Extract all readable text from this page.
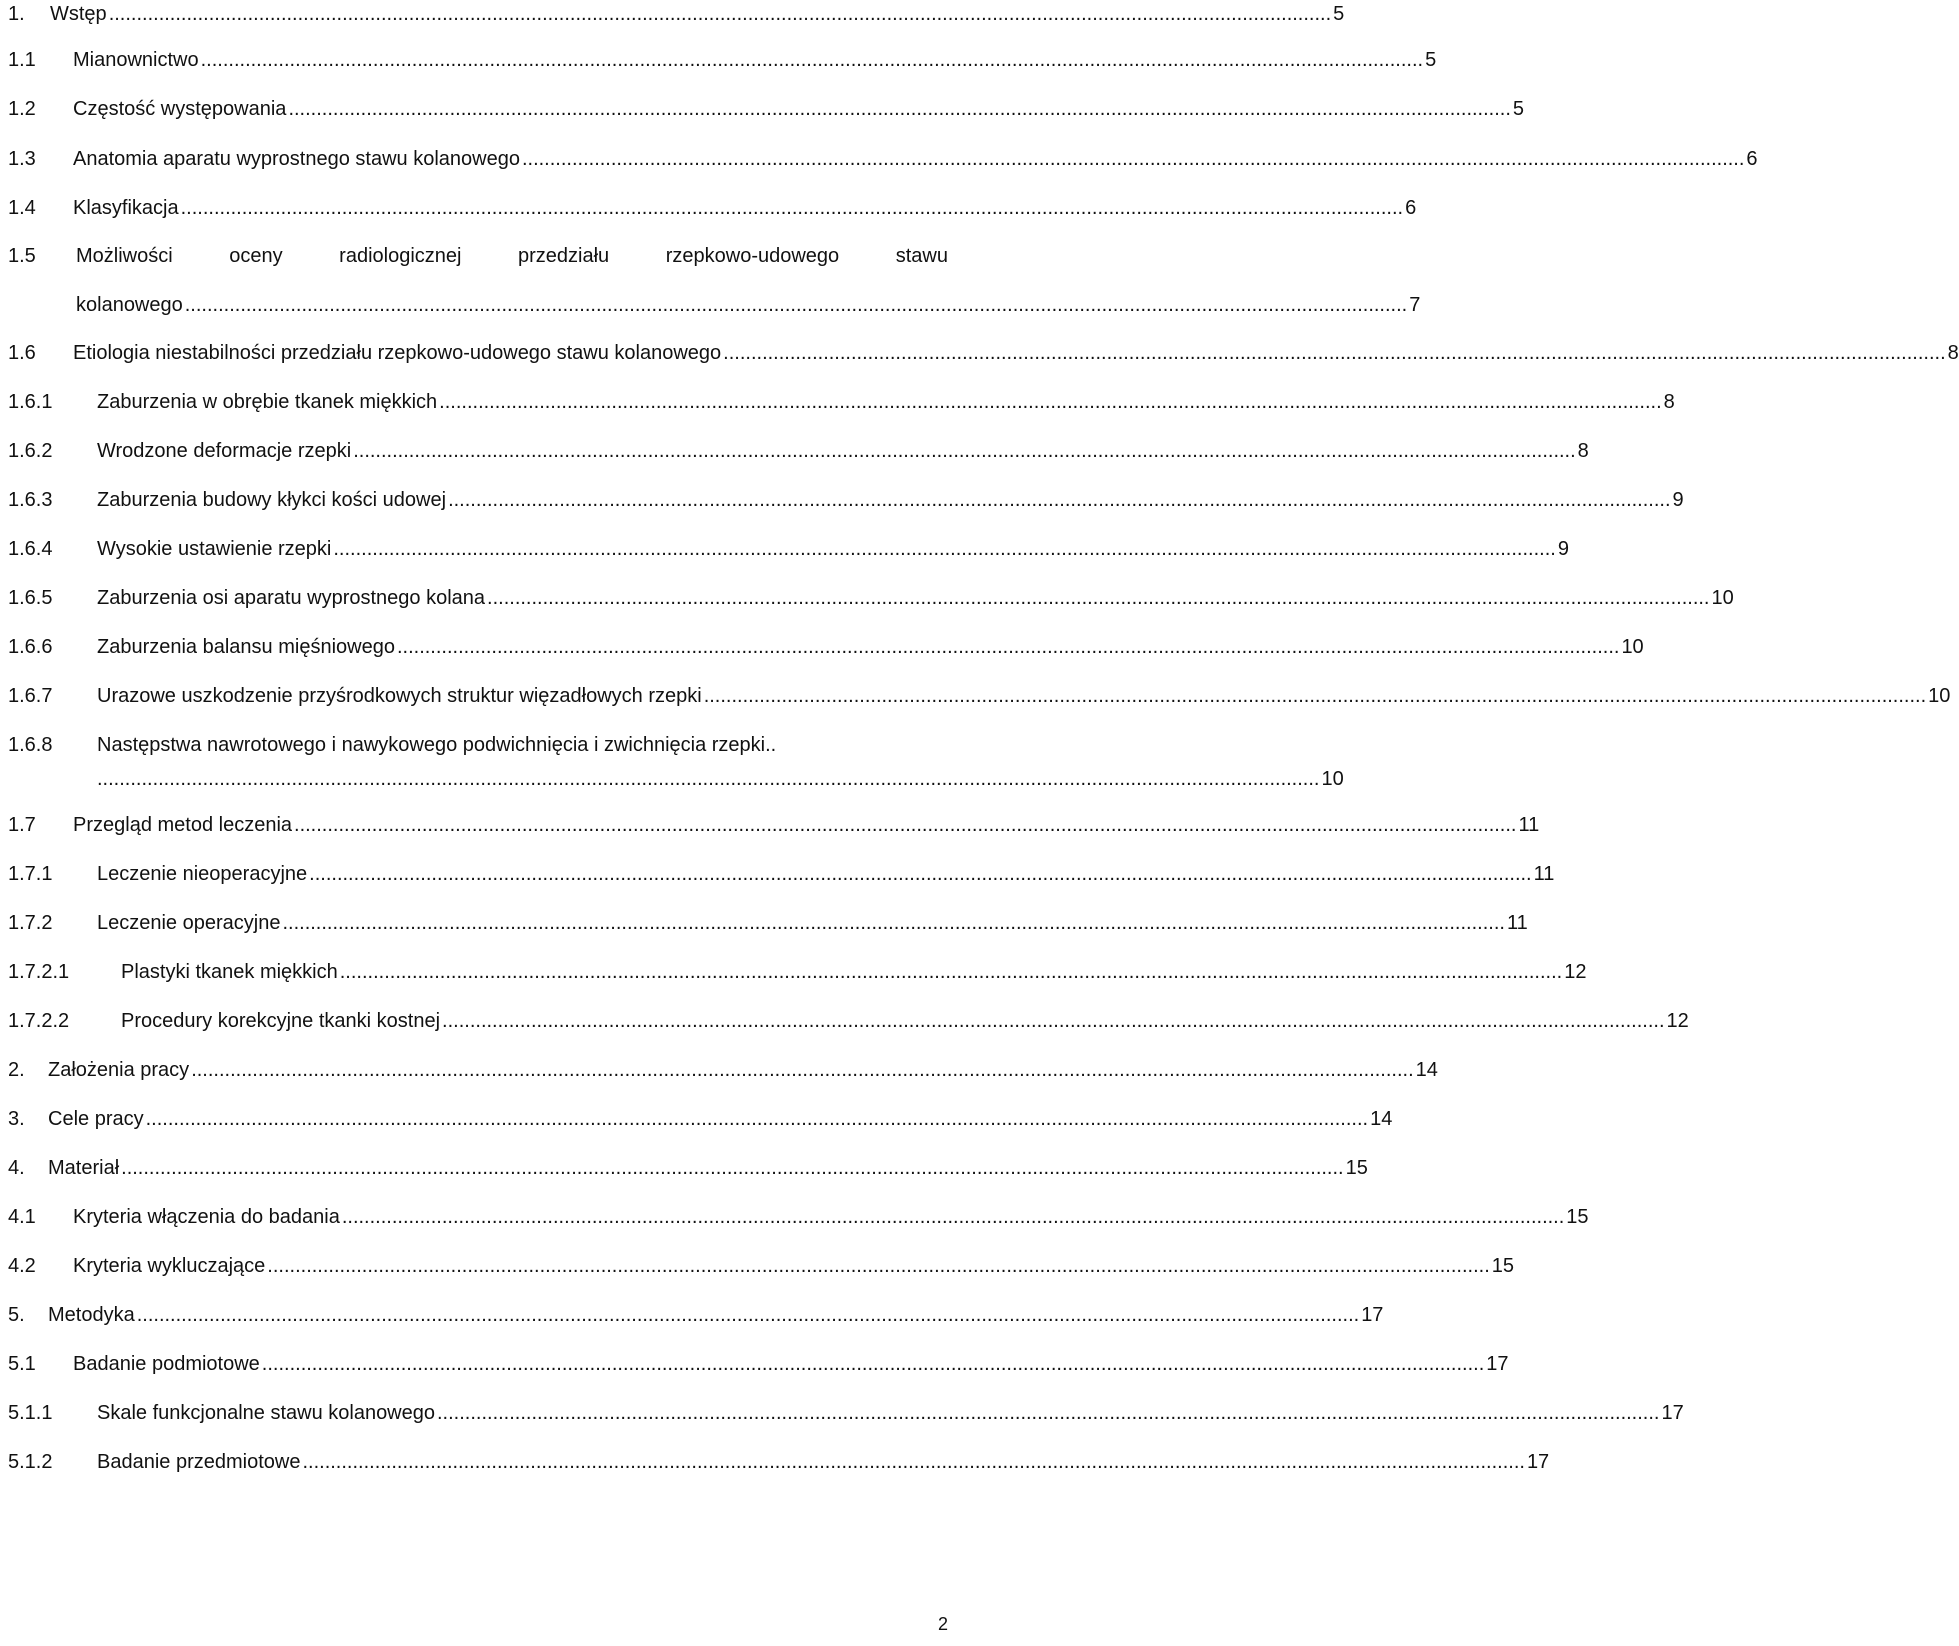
1. Wstęp ............................................................................................................................................................................................................................ 5
1.1 Mianownictwo ............................................................................................................................................................................................................................ 5
1.2 Częstość występowania ............................................................................................................................................................................................................................ 5
1.3 Anatomia aparatu wyprostnego stawu kolanowego ............................................................................................................................................................................................................................ 6
1.4 Klasyfikacja ............................................................................................................................................................................................................................ 6
1.5 Możliwości	oceny	radiologicznej	przedziału	rzepkowo-udowego	stawu
kolanowego ............................................................................................................................................................................................................................ 7
1.6 Etiologia niestabilności przedziału rzepkowo-udowego stawu kolanowego ............................................................................................................................................................................................................................ 8
1.6.1 Zaburzenia w obrębie tkanek miękkich ............................................................................................................................................................................................................................ 8
1.6.2 Wrodzone deformacje rzepki ............................................................................................................................................................................................................................ 8
1.6.3 Zaburzenia budowy kłykci kości udowej ............................................................................................................................................................................................................................ 9
1.6.4 Wysokie ustawienie rzepki ............................................................................................................................................................................................................................ 9
1.6.5 Zaburzenia osi aparatu wyprostnego kolana ............................................................................................................................................................................................................................ 10
1.6.6 Zaburzenia balansu mięśniowego ............................................................................................................................................................................................................................ 10
1.6.7 Urazowe uszkodzenie przyśrodkowych struktur więzadłowych rzepki ............................................................................................................................................................................................................................ 10
1.6.8 Następstwa nawrotowego i nawykowego podwichnięcia i zwichnięcia rzepki..
............................................................................................................................................................................................................................ 10
1.7 Przegląd metod leczenia ............................................................................................................................................................................................................................ 11
1.7.1 Leczenie nieoperacyjne ............................................................................................................................................................................................................................ 11
1.7.2 Leczenie operacyjne ............................................................................................................................................................................................................................ 11
1.7.2.1	Plastyki tkanek miękkich ............................................................................................................................................................................................................................ 12
1.7.2.2	Procedury korekcyjne tkanki kostnej ............................................................................................................................................................................................................................ 12
2. Założenia pracy ............................................................................................................................................................................................................................ 14
3. Cele pracy ............................................................................................................................................................................................................................ 14
4. Materiał ............................................................................................................................................................................................................................ 15
4.1 Kryteria włączenia do badania ............................................................................................................................................................................................................................ 15
4.2 Kryteria wykluczające ............................................................................................................................................................................................................................ 15
5. Metodyka ............................................................................................................................................................................................................................ 17
5.1 Badanie podmiotowe ............................................................................................................................................................................................................................ 17
5.1.1 Skale funkcjonalne stawu kolanowego ............................................................................................................................................................................................................................ 17
5.1.2 Badanie przedmiotowe ............................................................................................................................................................................................................................ 17
2
